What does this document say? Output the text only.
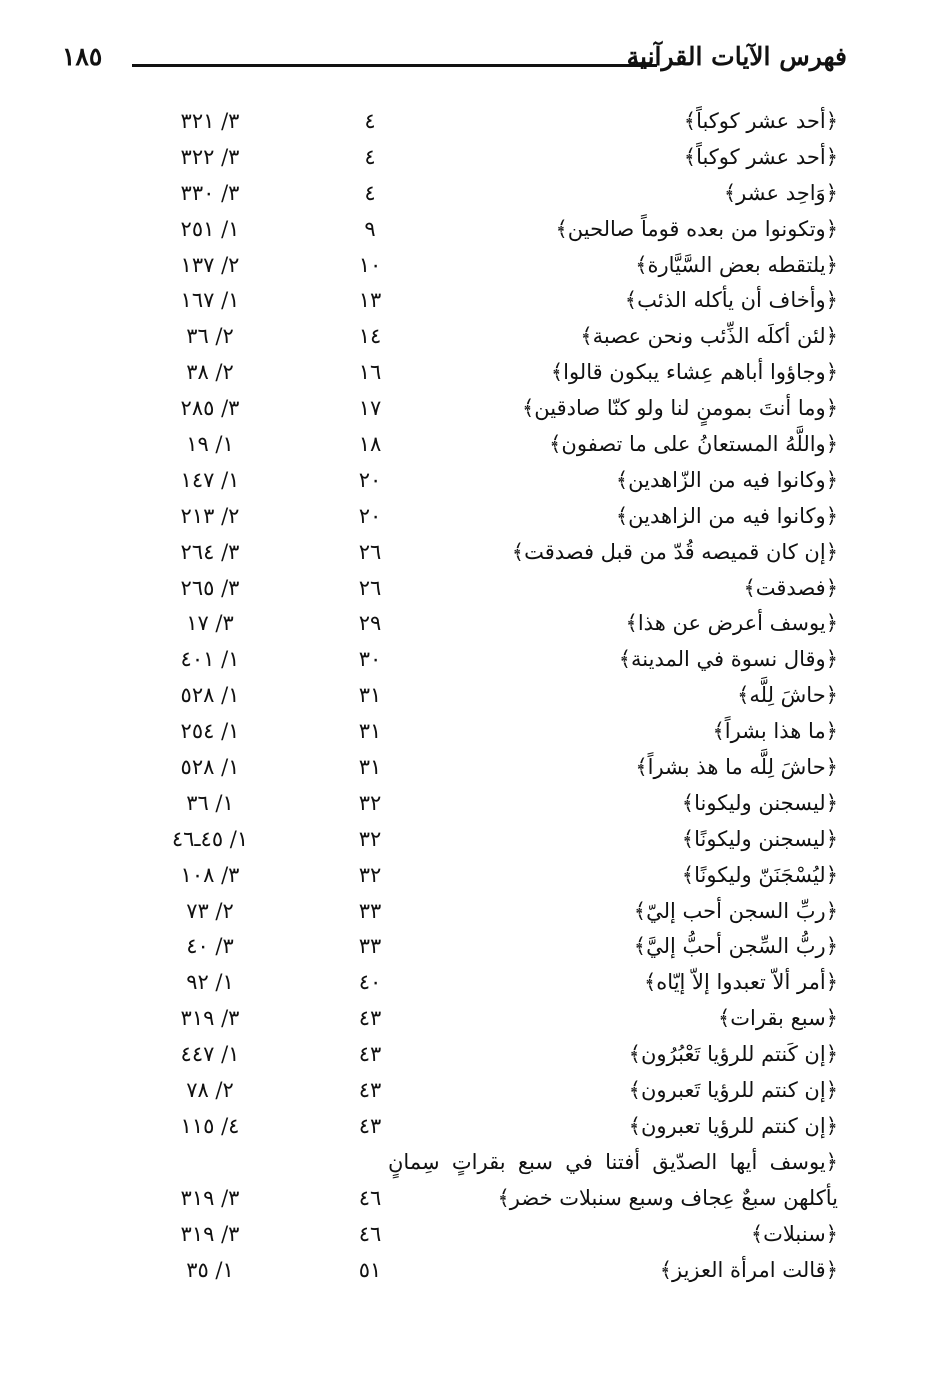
فهرس الآيات القرآنية
١٨٥
﴿أحد عشر كوكباً﴾
٤
٣/ ٣٢١
﴿أحد عشر كوكباً﴾
٤
٣/ ٣٢٢
﴿وَاحِد عشر﴾
٤
٣/ ٣٣٠
﴿وتكونوا من بعده قوماً صالحين﴾
٩
١/ ٢٥١
﴿يلتقطه بعض السَّيَّارة﴾
١٠
٢/ ١٣٧
﴿وأخاف أن يأكله الذئب﴾
١٣
١/ ١٦٧
﴿لئن أكلَه الذِّئب ونحن عصبة﴾
١٤
٢/ ٣٦
﴿وجاؤوا أباهم عِشاء يبكون قالوا﴾
١٦
٢/ ٣٨
﴿وما أنتَ بمومنٍ لنا ولو كنّا صادقين﴾
١٧
٣/ ٢٨٥
﴿واللَّهُ المستعانُ على ما تصفون﴾
١٨
١/ ١٩
﴿وكانوا فيه من الزّاهدين﴾
٢٠
١/ ١٤٧
﴿وكانوا فيه من الزاهدين﴾
٢٠
٢/ ٢١٣
﴿إن كان قميصه قُدّ من قبل فصدقت﴾
٢٦
٣/ ٢٦٤
﴿فصدقت﴾
٢٦
٣/ ٢٦٥
﴿يوسف أعرض عن هذا﴾
٢٩
٣/ ١٧
﴿وقال نسوة في المدينة﴾
٣٠
١/ ٤٠١
﴿حاشَ لِلَّه﴾
٣١
١/ ٥٢٨
﴿ما هذا بشراً﴾
٣١
١/ ٢٥٤
﴿حاشَ لِلَّه ما هذ بشراً﴾
٣١
١/ ٥٢٨
﴿ليسجنن وليكونا﴾
٣٢
١/ ٣٦
﴿ليسجنن وليكونًا﴾
٣٢
١/ ٤٥ـ٤٦
﴿ليُسْجَنَنّ وليكونًا﴾
٣٢
٣/ ١٠٨
﴿ربِّ السجن أحب إليّ﴾
٣٣
٢/ ٧٣
﴿ربُّ السِّجن أحبُّ إليَّ﴾
٣٣
٣/ ٤٠
﴿أمر ألاّ تعبدوا إلاّ إيّاه﴾
٤٠
١/ ٩٢
﴿سبع بقرات﴾
٤٣
٣/ ٣١٩
﴿إن كَنتم للرؤيا تَعْبُرُون﴾
٤٣
١/ ٤٤٧
﴿إن كنتم للرؤيا تَعبرون﴾
٤٣
٢/ ٧٨
﴿إن كنتم للرؤيا تعبرون﴾
٤٣
٤/ ١١٥
﴿يوسف أيها الصدّيق أفتنا في سبع بقراتٍ سِمانٍ يأكلهن سبعٌ عِجاف وسبع سنبلات خضر﴾
٤٦
٣/ ٣١٩
﴿سنبلات﴾
٤٦
٣/ ٣١٩
﴿قالت امرأة العزيز﴾
٥١
١/ ٣٥
